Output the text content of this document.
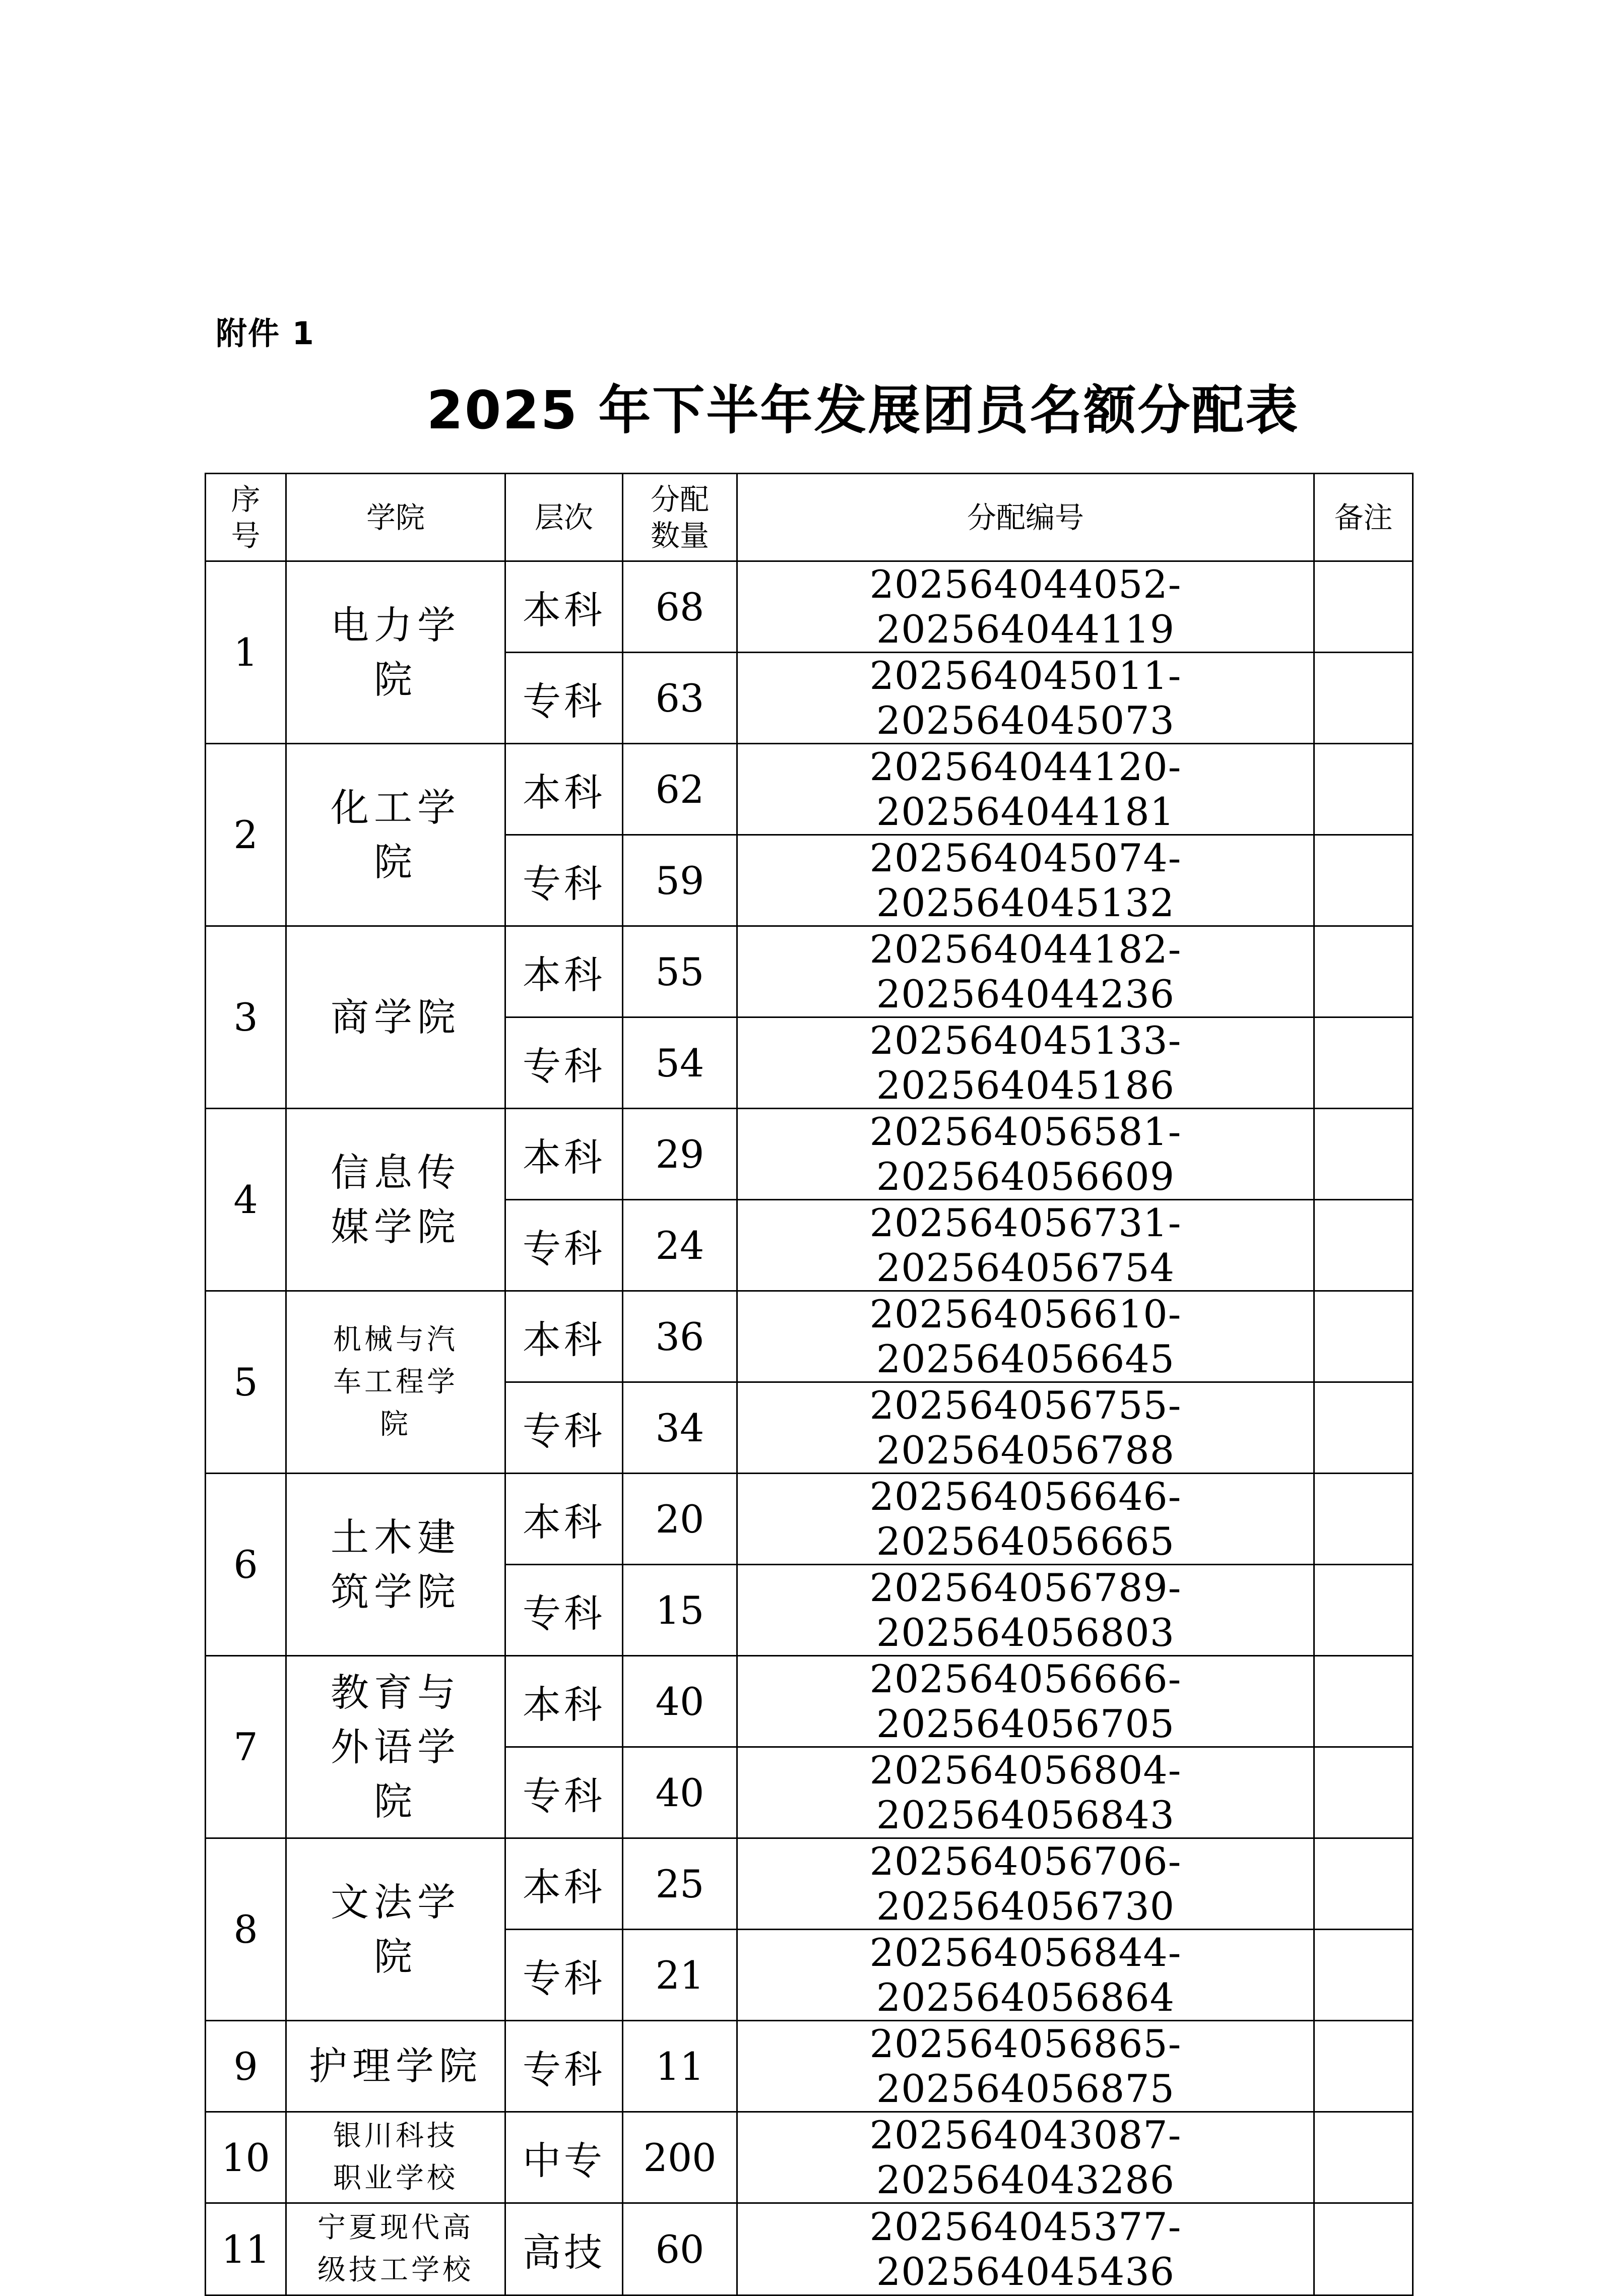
附件 1
2025 年下半年发展团员名额分配表
序号	学院	层次	分配数量	分配编号	备注
1	电力学院	本科	68	202564044052-202564044119	
		专科	63	202564045011-202564045073	
2	化工学院	本科	62	202564044120-202564044181	
		专科	59	202564045074-202564045132	
3	商学院	本科	55	202564044182-202564044236	
		专科	54	202564045133-202564045186	
4	信息传媒学院	本科	29	202564056581-202564056609	
		专科	24	202564056731-202564056754	
5	机械与汽车工程学院	本科	36	202564056610-202564056645	
		专科	34	202564056755-202564056788	
6	土木建筑学院	本科	20	202564056646-202564056665	
		专科	15	202564056789-202564056803	
7	教育与外语学院	本科	40	202564056666-202564056705	
		专科	40	202564056804-202564056843	
8	文法学院	本科	25	202564056706-202564056730	
		专科	21	202564056844-202564056864	
9	护理学院	专科	11	202564056865-202564056875	
10	银川科技职业学校	中专	200	202564043087-202564043286	
11	宁夏现代高级技工学校	高技	60	202564045377-202564045436	
